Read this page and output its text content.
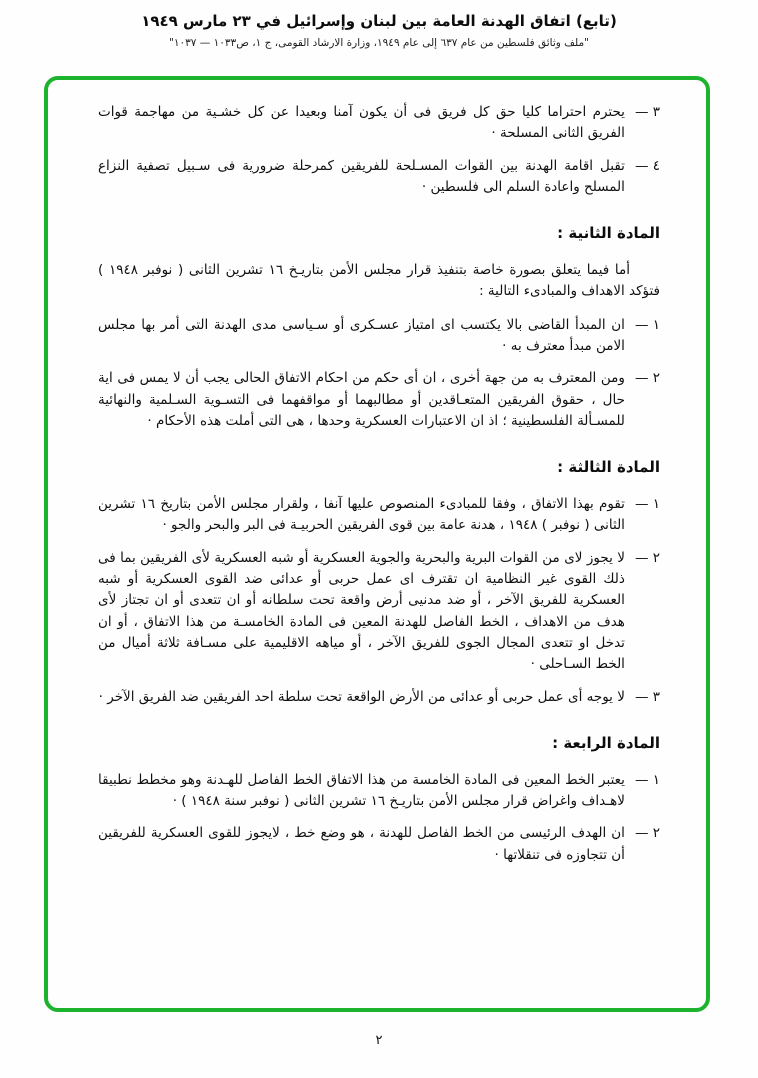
(تابع) اتفاق الهدنة العامة بين لبنان وإسرائيل في ٢٣ مارس ١٩٤٩
"ملف وثائق فلسطين من عام ٦٣٧ إلى عام ١٩٤٩، وزارة الارشاد القومى، ج ١، ص١٠٣٣ — ١٠٣٧"
٣ —
يحترم احتراما كليا حق كل فريق فى أن يكون آمنا وبعيدا عن كل خشـية من مهاجمة قوات الفريق الثانى المسلحة ·
٤ —
تقبل اقامة الهدنة بين القوات المسـلحة للفريقين كمرحلة ضرورية فى سـبيل تصفية النزاع المسلح واعادة السلم الى فلسطين ·
المادة الثانية :

أما فيما يتعلق بصورة خاصة بتنفيذ قرار مجلس الأمن بتاريـخ ١٦ تشرين الثانى ( نوفبر ١٩٤٨ ) فتؤكد الاهداف والمبادىء التالية :

١ —
ان المبدأ القاضى بالا يكتسب اى امتياز عسـكرى أو سـياسى مدى الهدنة التى أمر بها مجلس الامن مبدأ معترف به ·
٢ —
ومن المعترف به من جهة أخرى ، ان أى حكم من احكام الاتفاق الحالى يجب أن لا يمس فى اية حال ، حقوق الفريقين المتعـاقدين أو مطالبهما أو مواقفهما فى التسـوية السـلمية والنهائية للمسـألة الفلسطينية ؛ اذ ان الاعتبارات العسكرية وحدها ، هى التى أملت هذه الأحكام ·
المادة الثالثة :
١ —
تقوم بهذا الاتفاق ، وفقا للمبادىء المنصوص عليها آنفا ، ولقرار مجلس الأمن بتاريخ ١٦ تشرين الثانى ( نوفبر ) ١٩٤٨ ، هدنة عامة بين قوى الفريقين الحربيـة فى البر والبحر والجو ·
٢ —
لا يجوز لاى من القوات البرية والبحرية والجوية العسكرية أو شبه العسكرية لأى الفريقين بما فى ذلك القوى غير النظامية ان تقترف اى عمل حربى أو عدائى ضد القوى العسكرية أو شبه العسكرية للفريق الآخر ، أو ضد مدنيى أرض واقعة تحت سلطانه أو ان تتعدى أو ان تجتاز لأى هدف من الاهداف ، الخط الفاصل للهدنة المعين فى المادة الخامسـة من هذا الاتفاق ، أو ان تدخل او تتعدى المجال الجوى للفريق الآخر ، أو مياهه الاقليمية على مسـافة ثلاثة أميال من الخط السـاحلى ·
٣ —
لا يوجه أى عمل حربى أو عدائى من الأرض الواقعة تحت سلطة احد الفريقين ضد الفريق الآخر ·
المادة الرابعة :
١ —
يعتبر الخط المعين فى المادة الخامسة من هذا الاتفاق الخط الفاصل للهـدنة وهو مخطط نطبيقا لاهـداف واغراض قرار مجلس الأمن بتاريـخ ١٦ تشرين الثانى ( نوفبر سنة ١٩٤٨ ) ·
٢ —
ان الهدف الرئيسى من الخط الفاصل للهدنة ، هو وضع خط ، لايجوز للقوى العسكرية للفريقين أن تتجاوزه فى تنقلاتها ·
٢
